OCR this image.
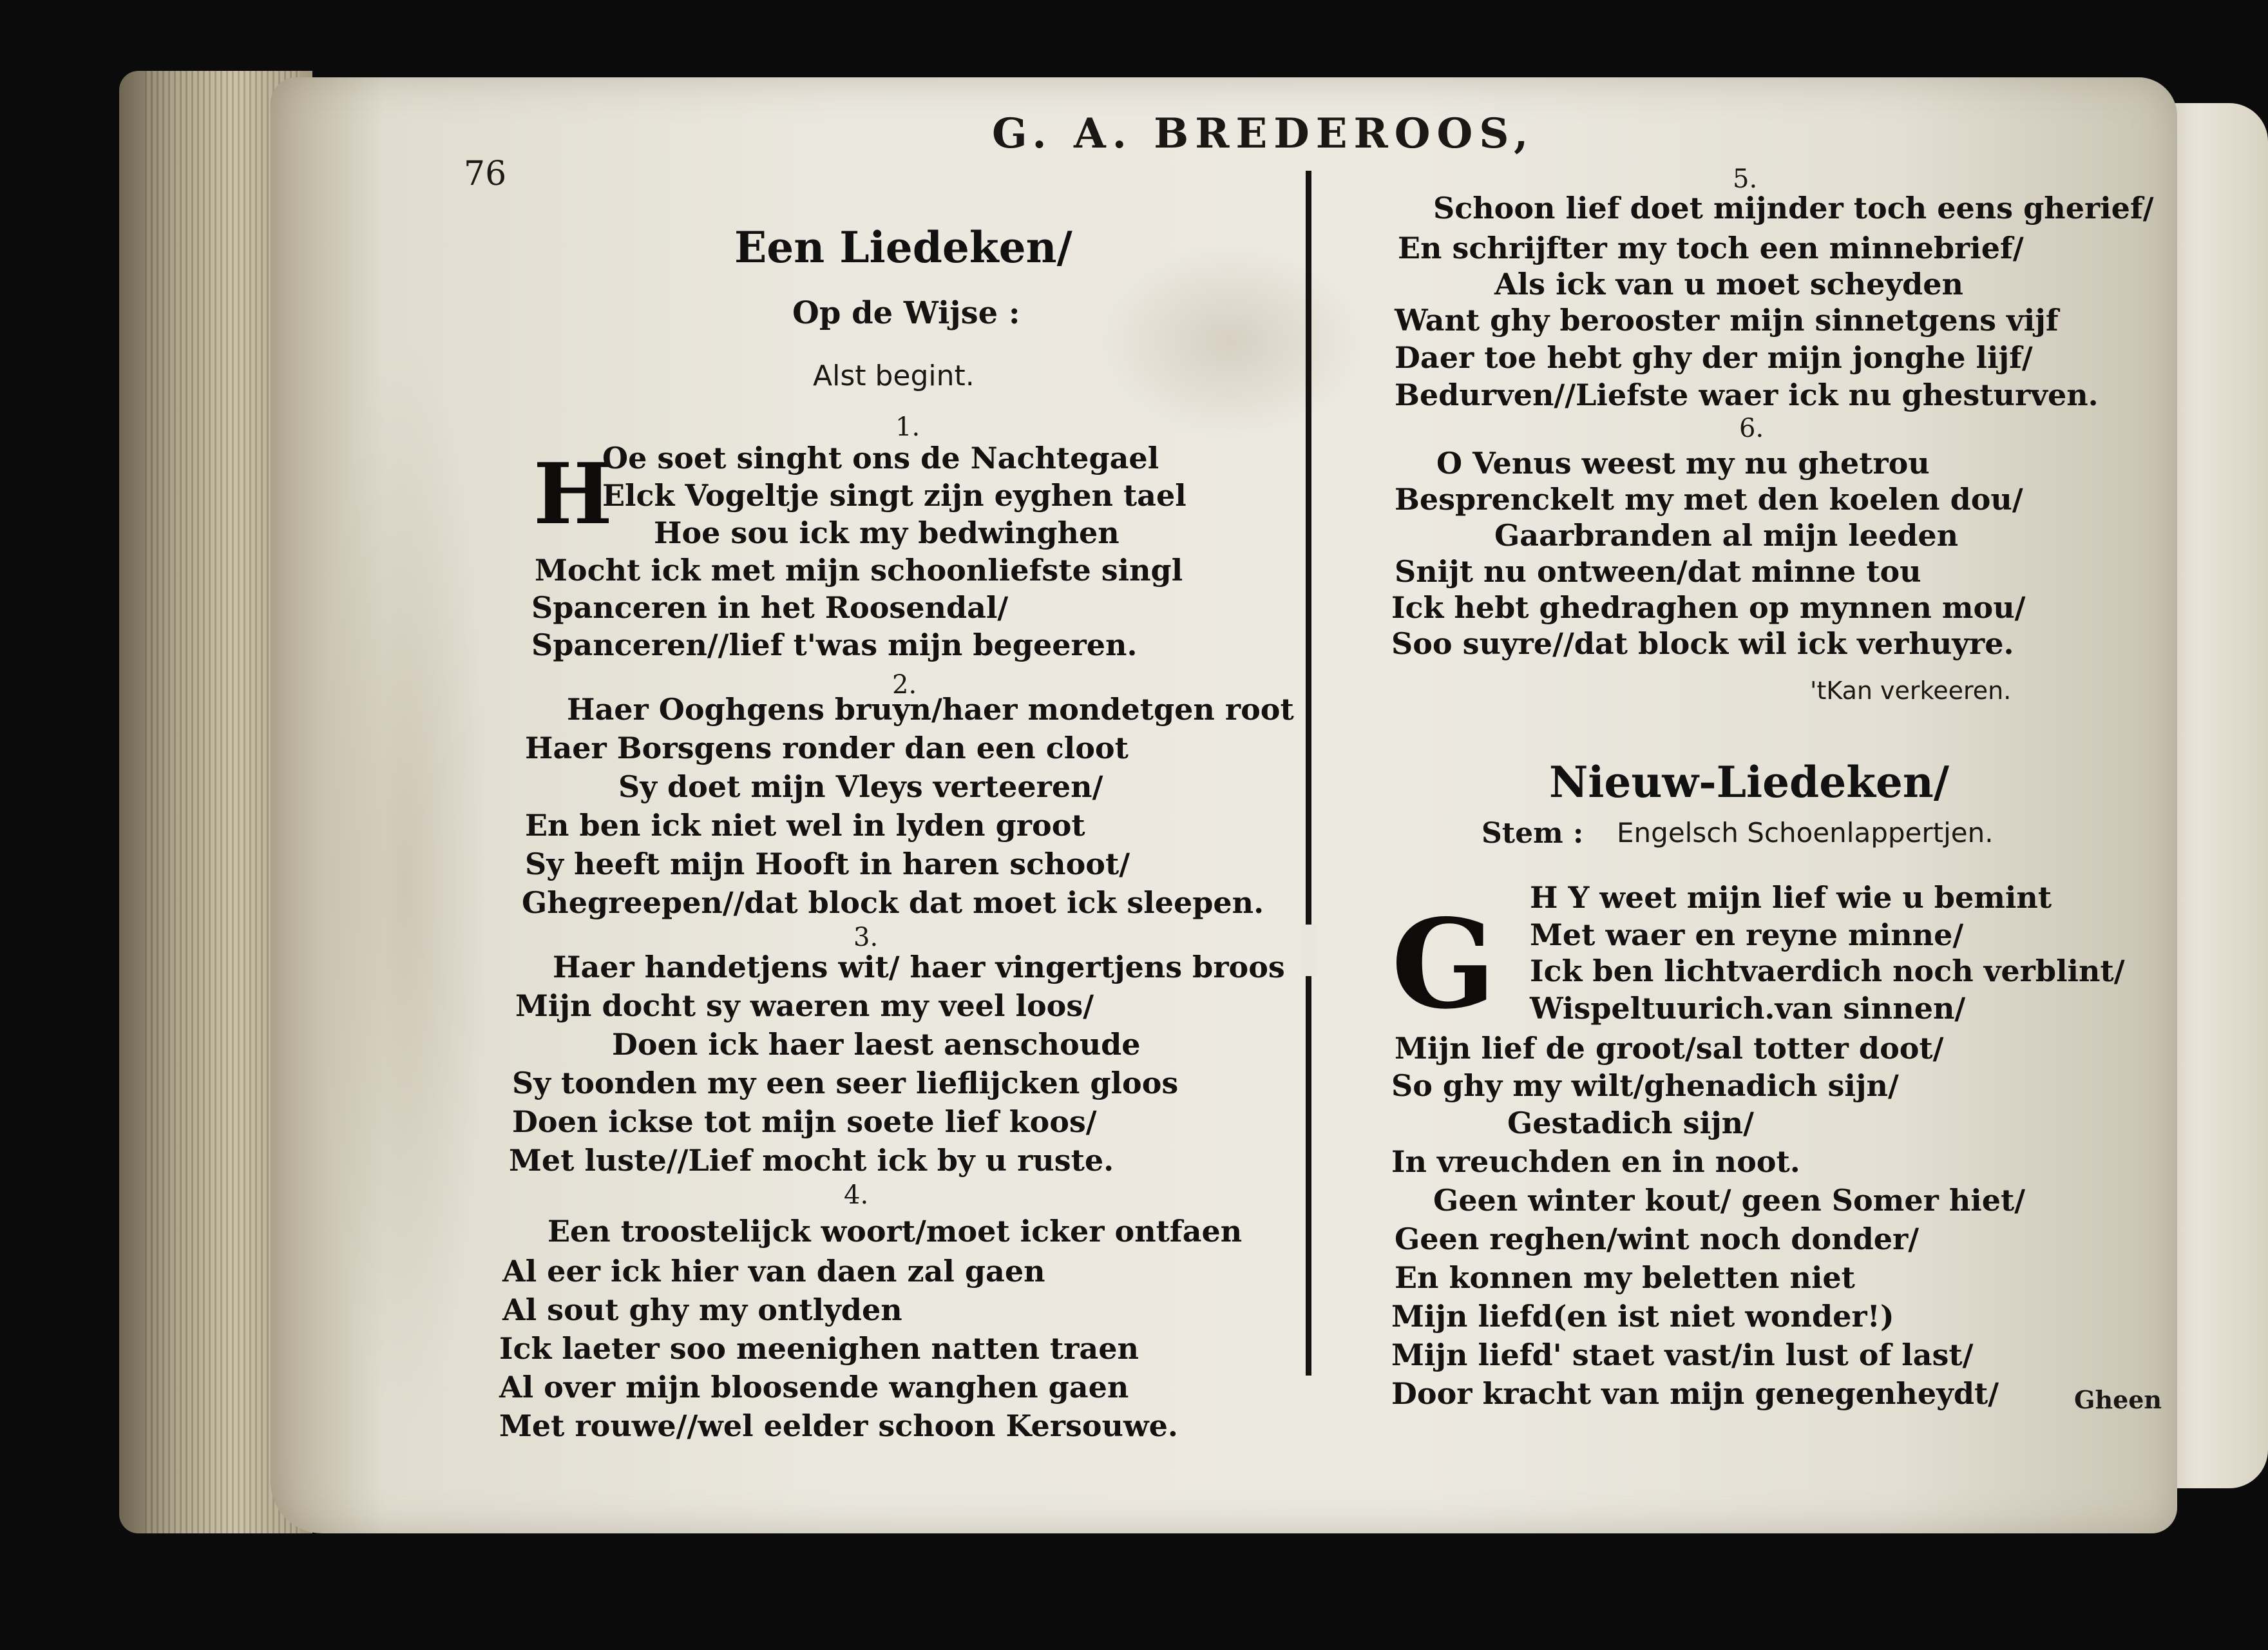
G. A. BREDEROOS,
76
Een Liedeken/
Op de Wijse :
Alst begint.
1.
H
Oe soet singht ons de Nachtegael
Elck Vogeltje singt zijn eyghen tael
Hoe sou ick my bedwinghen
Mocht ick met mijn schoonliefste singl
Spanceren in het Roosendal/
Spanceren//lief t'was mijn begeeren.
2.
Haer Ooghgens bruyn/haer mondetgen root
Haer Borsgens ronder dan een cloot
Sy doet mijn Vleys verteeren/
En ben ick niet wel in lyden groot
Sy heeft mijn Hooft in haren schoot/
Ghegreepen//dat block dat moet ick sleepen.
3.
Haer handetjens wit/ haer vingertjens broos
Mijn docht sy waeren my veel loos/
Doen ick haer laest aenschoude
Sy toonden my een seer lieflijcken gloos
Doen ickse tot mijn soete lief koos/
Met luste//Lief mocht ick by u ruste.
4.
Een troostelijck woort/moet icker ontfaen
Al eer ick hier van daen zal gaen
Al sout ghy my ontlyden
Ick laeter soo meenighen natten traen
Al over mijn bloosende wanghen gaen
Met rouwe//wel eelder schoon Kersouwe.
5.
Schoon lief doet mijnder toch eens gherief/
En schrijfter my toch een minnebrief/
Als ick van u moet scheyden
Want ghy berooster mijn sinnetgens vijf
Daer toe hebt ghy der mijn jonghe lijf/
Bedurven//Liefste waer ick nu ghesturven.
6.
O Venus weest my nu ghetrou
Besprenckelt my met den koelen dou/
Gaarbranden al mijn leeden
Snijt nu ontween/dat minne tou
Ick hebt ghedraghen op mynnen mou/
Soo suyre//dat block wil ick verhuyre.
'tKan verkeeren.
Nieuw-Liedeken/
Stem : Engelsch Schoenlappertjen.
G H Y weet mijn lief wie u bemint
Met waer en reyne minne/
Ick ben lichtvaerdich noch verblint/
Wispeltuurich.van sinnen/
Mijn lief de groot/sal totter doot/
So ghy my wilt/ghenadich sijn/
Gestadich sijn/
In vreuchden en in noot.
Geen winter kout/ geen Somer hiet/
Geen reghen/wint noch donder/
En konnen my beletten niet
Mijn liefd(en ist niet wonder!)
Mijn liefd' staet vast/in lust of last/
Door kracht van mijn genegenheydt/	Gheen
